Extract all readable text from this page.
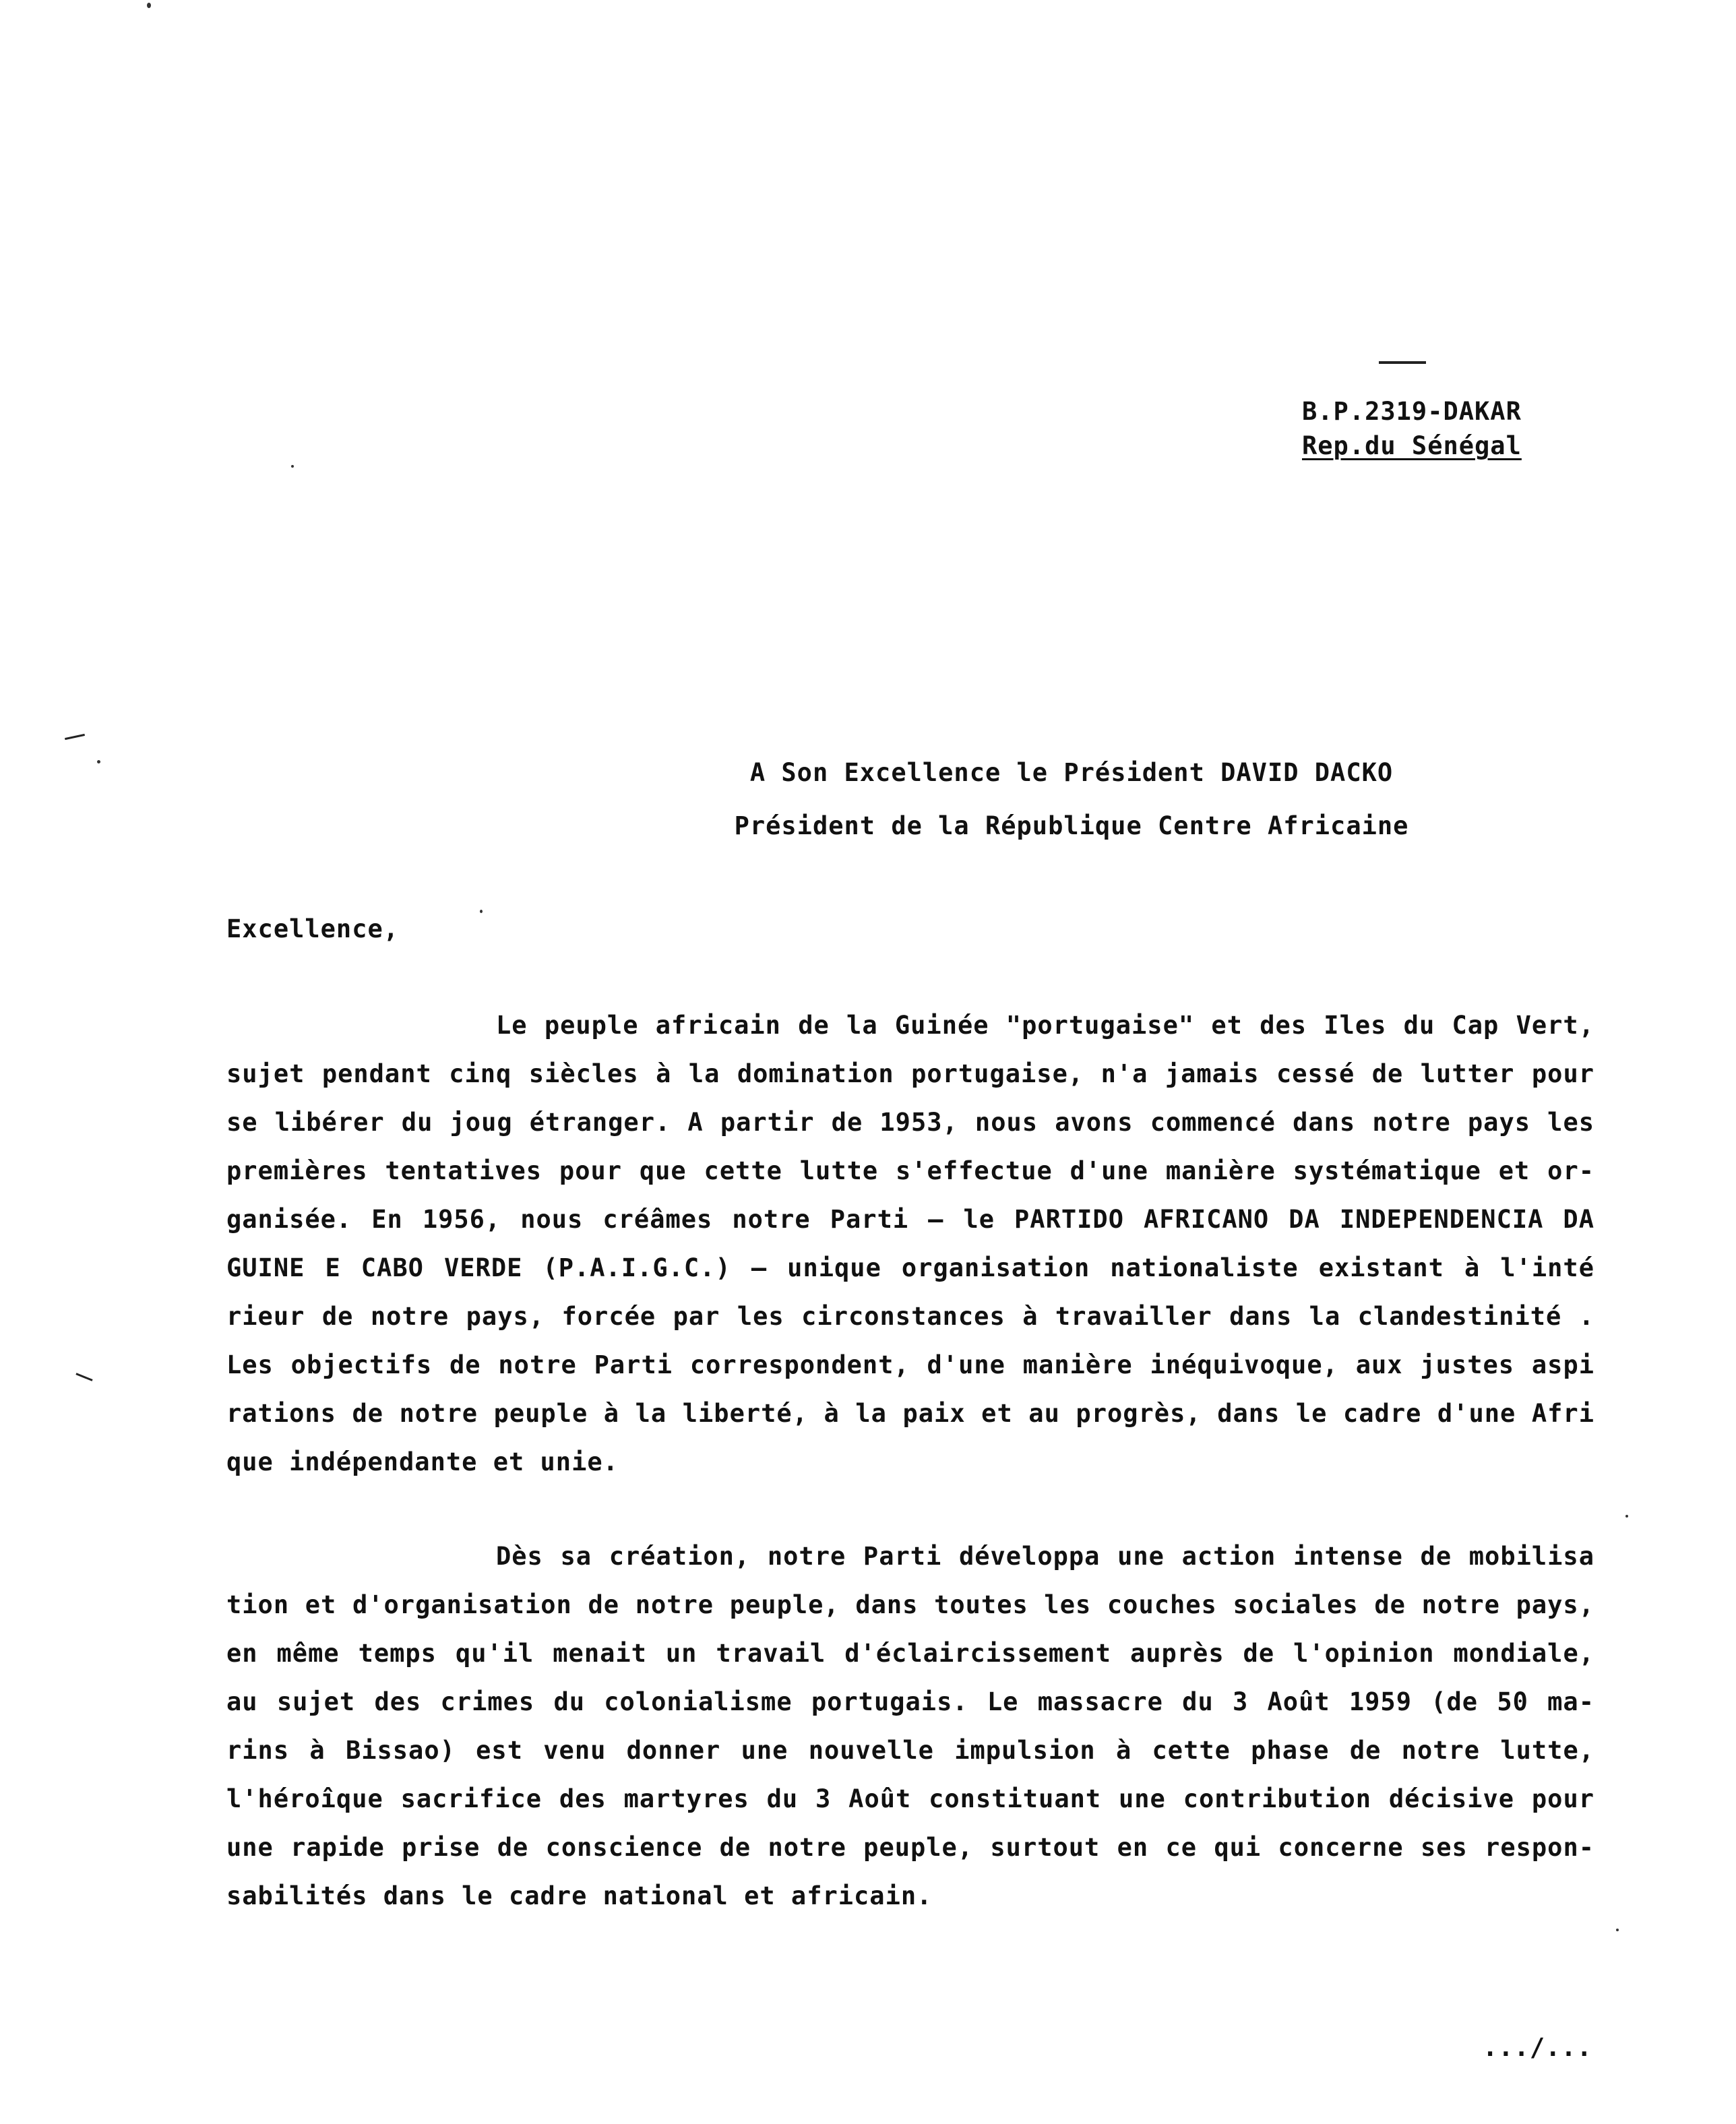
B.P.2319-DAKAR
Rep.du Sénégal
A Son Excellence le Président DAVID DACKO
Président de la République Centre Africaine
Excellence,
Le peuple africain de la Guinée "portugaise" et des Iles du Cap Vert,
sujet pendant cinq siècles à la domination portugaise, n'a jamais cessé de lutter pour
se libérer du joug étranger. A partir de 1953, nous avons commencé dans notre pays les
premières tentatives pour que cette lutte s'effectue d'une manière systématique et or-
ganisée. En 1956, nous créâmes notre Parti – le PARTIDO AFRICANO DA INDEPENDENCIA DA
GUINE E CABO VERDE (P.A.I.G.C.) – unique organisation nationaliste existant à l'inté
rieur de notre pays, forcée par les circonstances à travailler dans la clandestinité .
Les objectifs de notre Parti correspondent, d'une manière inéquivoque, aux justes aspi
rations de notre peuple à la liberté, à la paix et au progrès, dans le cadre d'une Afri
que indépendante et unie.
Dès sa création, notre Parti développa une action intense de mobilisa
tion et d'organisation de notre peuple, dans toutes les couches sociales de notre pays,
en même temps qu'il menait un travail d'éclaircissement auprès de l'opinion mondiale,
au sujet des crimes du colonialisme portugais. Le massacre du 3 Août 1959 (de 50 ma-
rins à Bissao) est venu donner une nouvelle impulsion à cette phase de notre lutte,
l'héroîque sacrifice des martyres du 3 Août constituant une contribution décisive pour
une rapide prise de conscience de notre peuple, surtout en ce qui concerne ses respon-
sabilités dans le cadre national et africain.
.../...
